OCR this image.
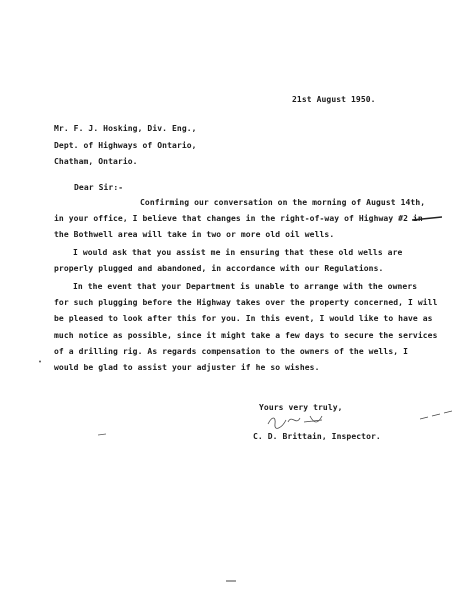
21st August 1950.
Mr. F. J. Hosking, Div. Eng.,
Dept. of Highways of Ontario,
Chatham, Ontario.
Dear Sir:-
Confirming our conversation on the morning of August 14th,
in your office, I believe that changes in the right-of-way of Highway #2 in
the Bothwell area will take in two or more old oil wells.
I would ask that you assist me in ensuring that these old wells are
properly plugged and abandoned, in accordance with our Regulations.
In the event that your Department is unable to arrange with the owners
for such plugging before the Highway takes over the property concerned, I will
be pleased to look after this for you. In this event, I would like to have as
much notice as possible, since it might take a few days to secure the services
of a drilling rig. As regards compensation to the owners of the wells, I
would be glad to assist your adjuster if he so wishes.
Yours very truly,
C. D. Brittain, Inspector.
